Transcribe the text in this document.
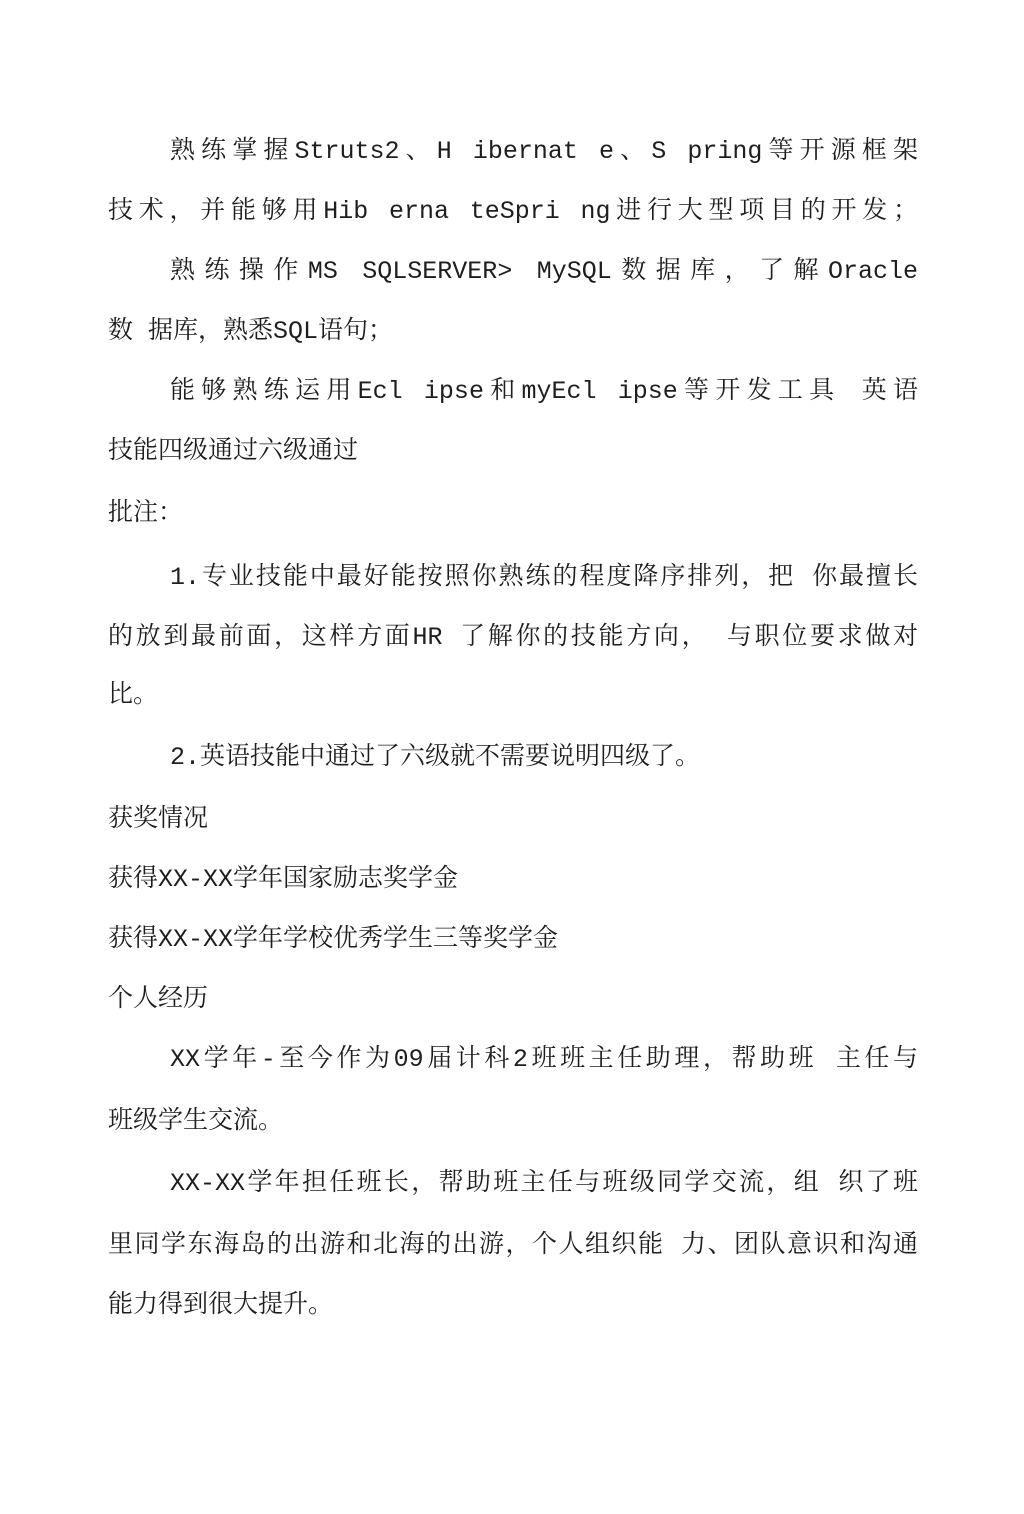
熟练掌握Struts2、H ibernat e、S pring等开源框架
技术，并能够用Hib erna teSpri ng进行大型项目的开发；
熟练操作MS SQLSERVER> MySQL数据库，了解Oracle
数 据库，熟悉SQL语句；
能够熟练运用Ecl ipse和myEcl ipse等开发工具 英语
技能四级通过六级通过
批注：
1.专业技能中最好能按照你熟练的程度降序排列，把 你最擅长
的放到最前面，这样方面HR 了解你的技能方向， 与职位要求做对
比。
2.英语技能中通过了六级就不需要说明四级了。
获奖情况
获得XX-XX学年国家励志奖学金
获得XX-XX学年学校优秀学生三等奖学金
个人经历
XX学年-至今作为09届计科2班班主任助理，帮助班 主任与
班级学生交流。
XX-XX学年担任班长，帮助班主任与班级同学交流，组 织了班
里同学东海岛的出游和北海的出游，个人组织能 力、团队意识和沟通
能力得到很大提升。
